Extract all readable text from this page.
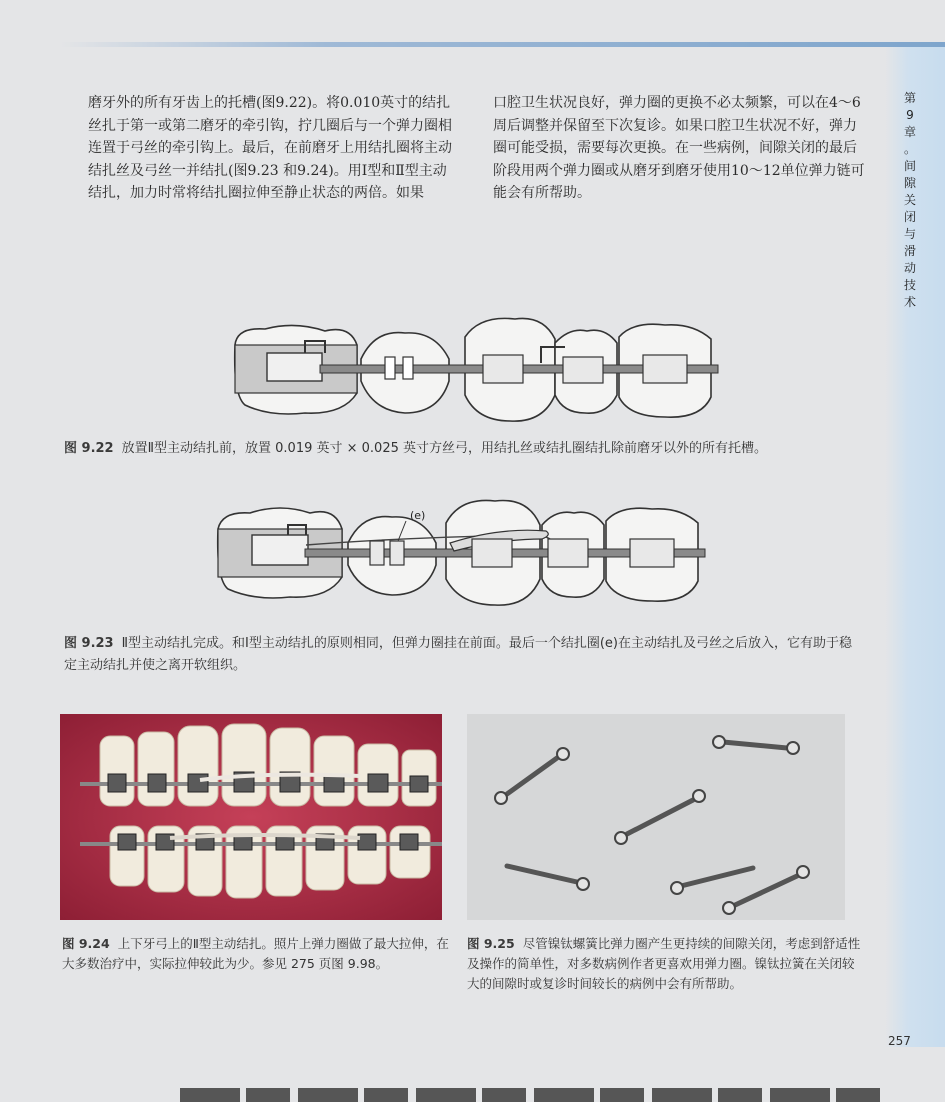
第
9
章
。
间
隙
关
闭
与
滑
动
技
术
磨牙外的所有牙齿上的托槽(图9.22)。将0.010英寸的结扎丝扎于第一或第二磨牙的牵引钩，拧几圈后与一个弹力圈相连置于弓丝的牵引钩上。最后，在前磨牙上用结扎圈将主动结扎丝及弓丝一并结扎(图9.23 和9.24)。用Ⅰ型和Ⅱ型主动结扎，加力时常将结扎圈拉伸至静止状态的两倍。如果
口腔卫生状况良好，弹力圈的更换不必太频繁，可以在4～6周后调整并保留至下次复诊。如果口腔卫生状况不好，弹力圈可能受损，需要每次更换。在一些病例，间隙关闭的最后阶段用两个弹力圈或从磨牙到磨牙使用10～12单位弹力链可能会有所帮助。
图 9.22 放置Ⅱ型主动结扎前，放置 0.019 英寸 × 0.025 英寸方丝弓，用结扎丝或结扎圈结扎除前磨牙以外的所有托槽。
(e)
图 9.23 Ⅱ型主动结扎完成。和Ⅰ型主动结扎的原则相同，但弹力圈挂在前面。最后一个结扎圈(e)在主动结扎及弓丝之后放入，它有助于稳定主动结扎并使之离开软组织。
图 9.24 上下牙弓上的Ⅱ型主动结扎。照片上弹力圈做了最大拉伸，在大多数治疗中，实际拉伸较此为少。参见 275 页图 9.98。
图 9.25 尽管镍钛螺簧比弹力圈产生更持续的间隙关闭，考虑到舒适性及操作的简单性，对多数病例作者更喜欢用弹力圈。镍钛拉簧在关闭较大的间隙时或复诊时间较长的病例中会有所帮助。
257
